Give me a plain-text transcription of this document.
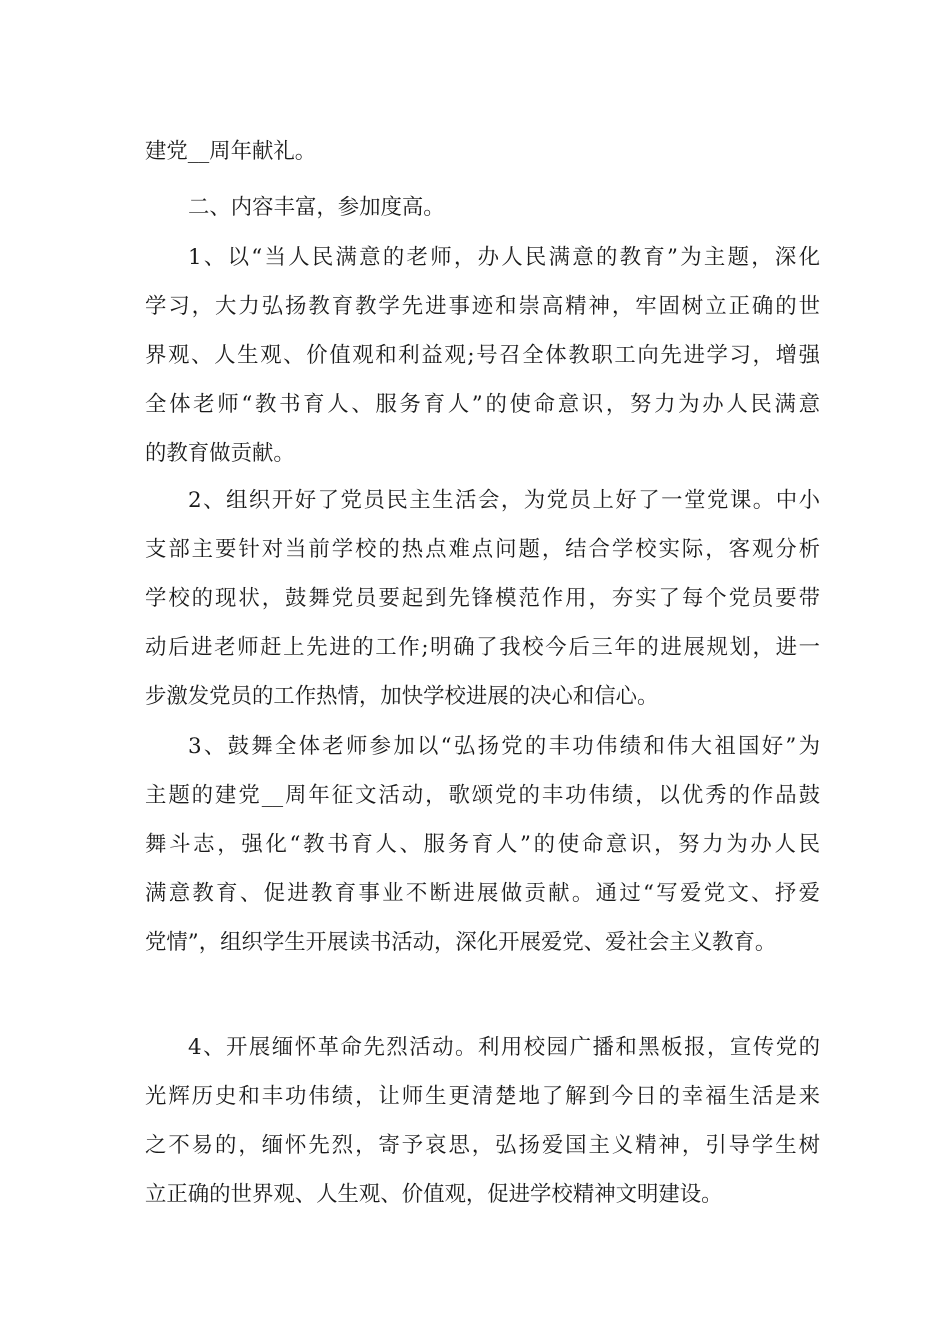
建党__周年献礼。
二、内容丰富，参加度高。
1、以“当人民满意的老师，办人民满意的教育”为主题，深化
学习，大力弘扬教育教学先进事迹和崇高精神，牢固树立正确的世
界观、人生观、价值观和利益观;号召全体教职工向先进学习，增强
全体老师“教书育人、服务育人”的使命意识，努力为办人民满意
的教育做贡献。
2、组织开好了党员民主生活会，为党员上好了一堂党课。中小
支部主要针对当前学校的热点难点问题，结合学校实际，客观分析
学校的现状，鼓舞党员要起到先锋模范作用，夯实了每个党员要带
动后进老师赶上先进的工作;明确了我校今后三年的进展规划，进一
步激发党员的工作热情，加快学校进展的决心和信心。
3、鼓舞全体老师参加以“弘扬党的丰功伟绩和伟大祖国好”为
主题的建党__周年征文活动，歌颂党的丰功伟绩，以优秀的作品鼓
舞斗志，强化“教书育人、服务育人”的使命意识，努力为办人民
满意教育、促进教育事业不断进展做贡献。通过“写爱党文、抒爱
党情”，组织学生开展读书活动，深化开展爱党、爱社会主义教育。
4、开展缅怀革命先烈活动。利用校园广播和黑板报，宣传党的
光辉历史和丰功伟绩，让师生更清楚地了解到今日的幸福生活是来
之不易的，缅怀先烈，寄予哀思，弘扬爱国主义精神，引导学生树
立正确的世界观、人生观、价值观，促进学校精神文明建设。
